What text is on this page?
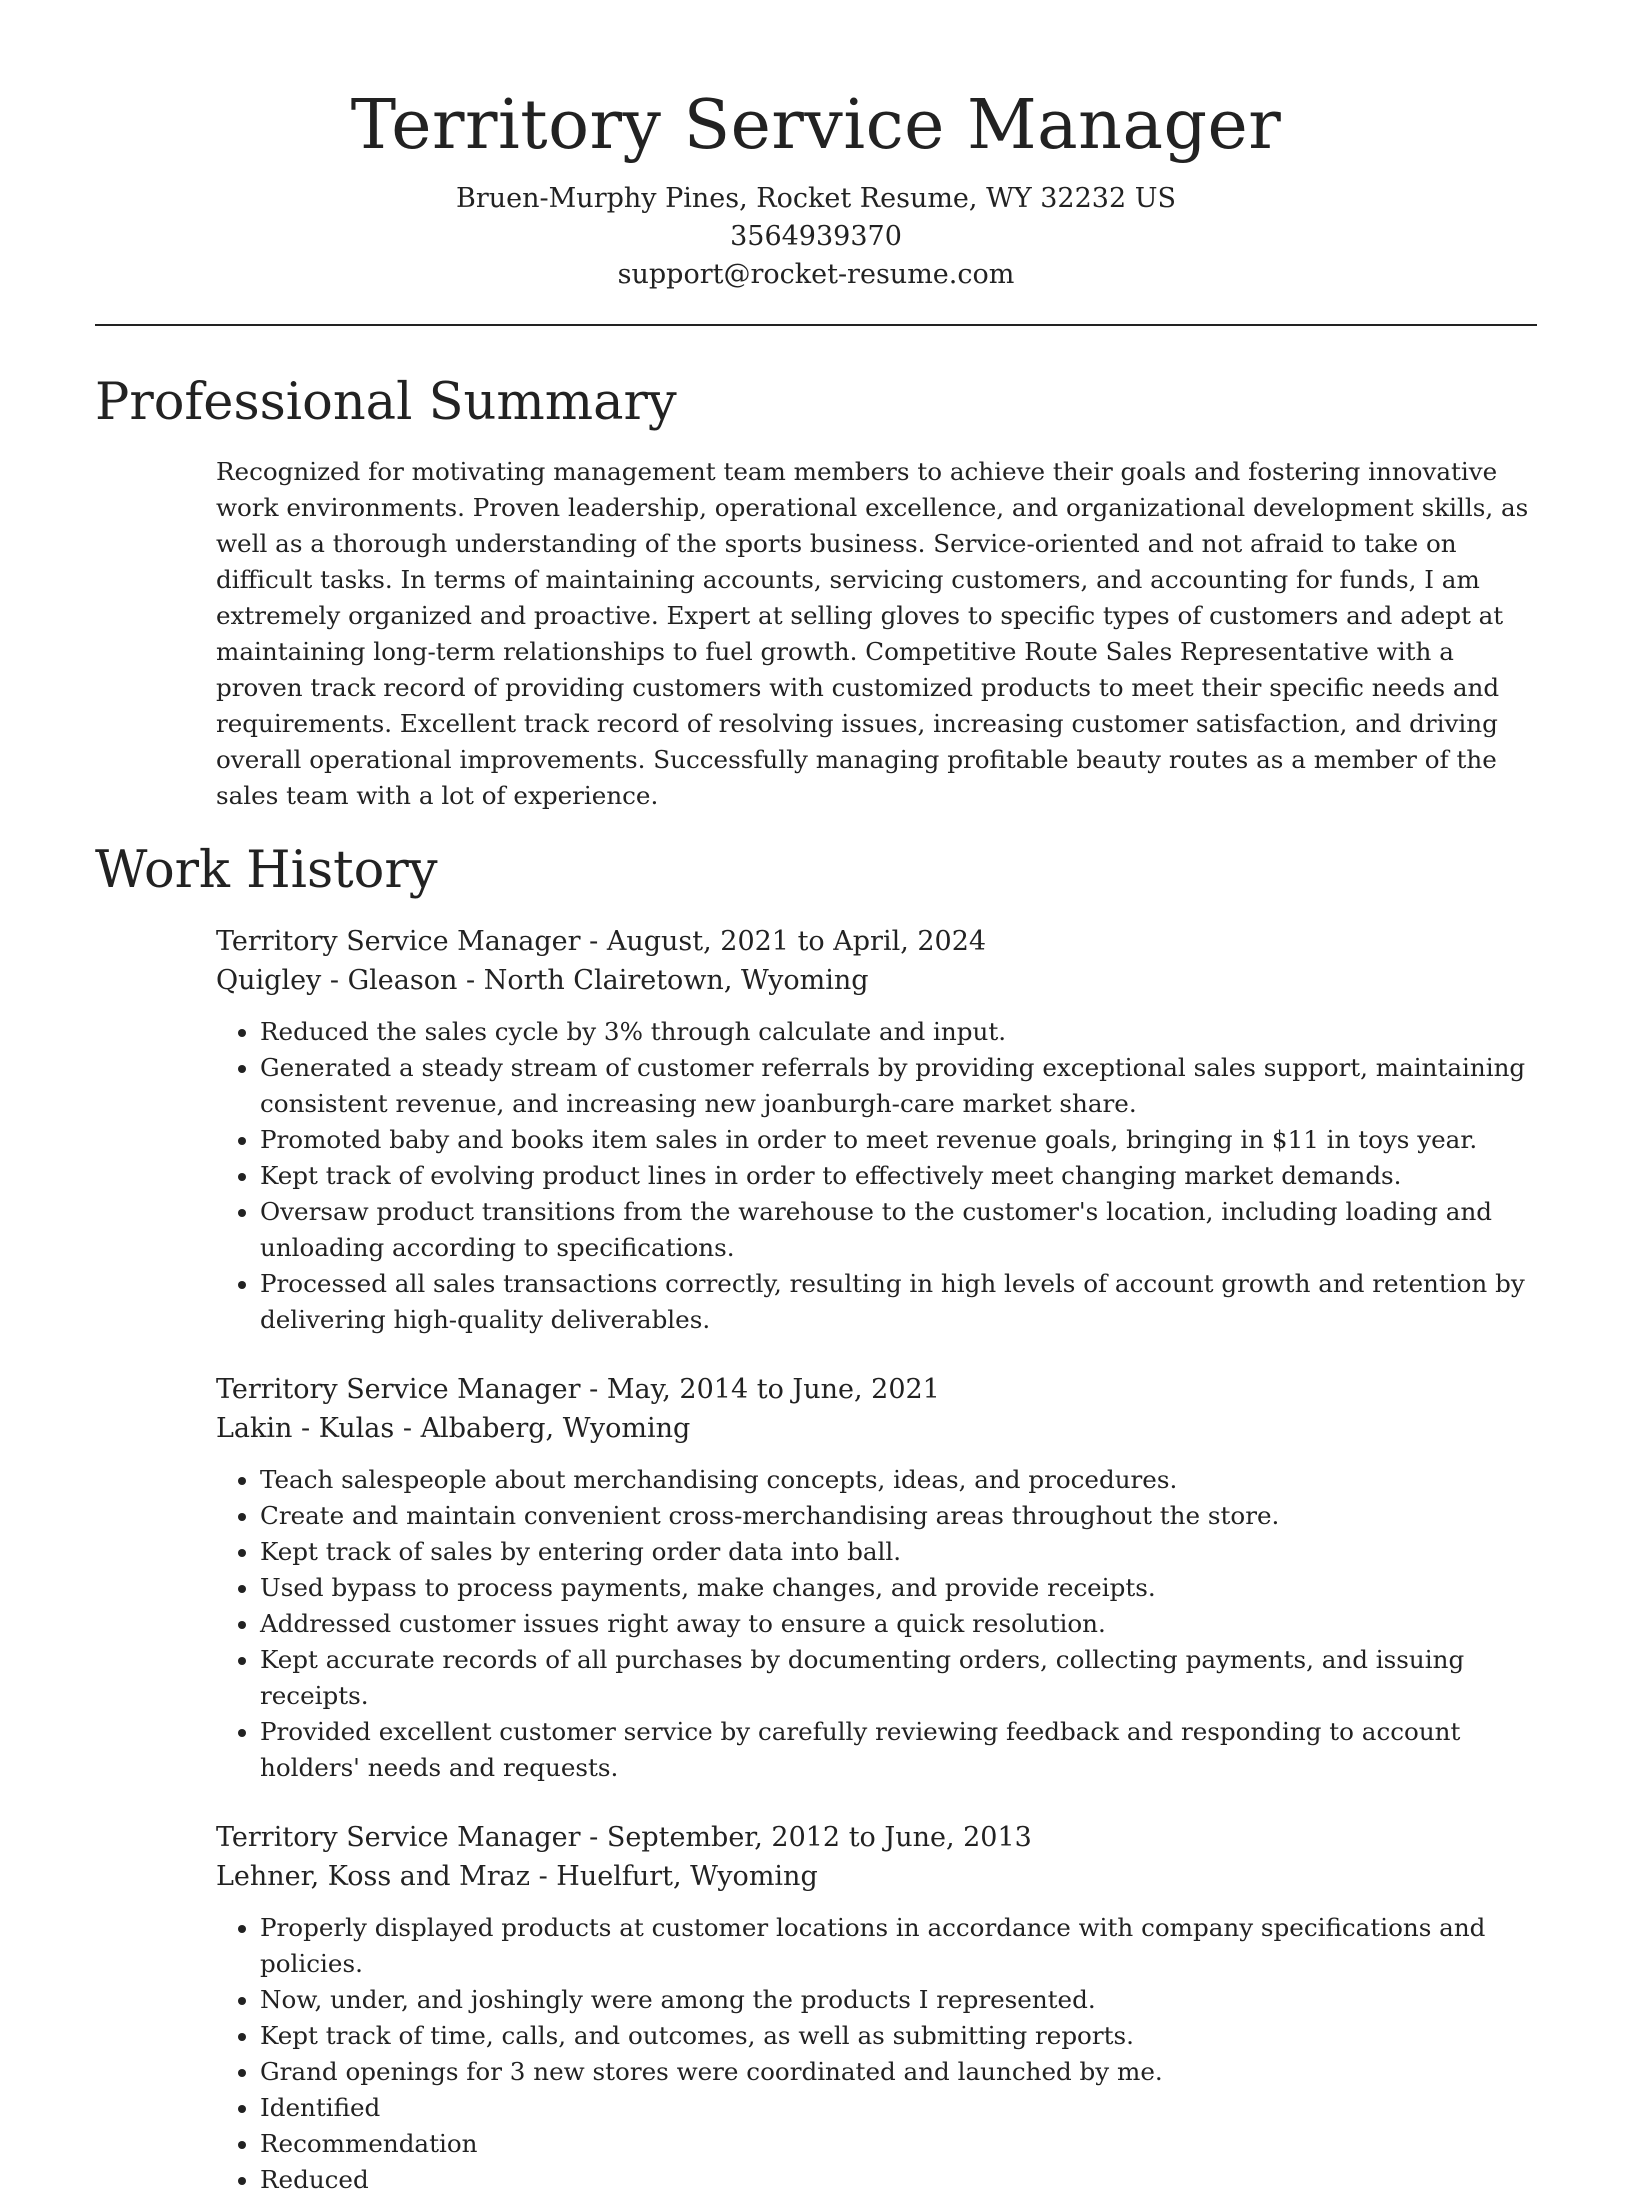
Territory Service Manager

Bruen-Murphy Pines, Rocket Resume, WY 32232 US

3564939370

support@rocket-resume.com

Professional Summary

Recognized for motivating management team members to achieve their goals and fostering innovative work environments. Proven leadership, operational excellence, and organizational development skills, as well as a thorough understanding of the sports business. Service-oriented and not afraid to take on difficult tasks. In terms of maintaining accounts, servicing customers, and accounting for funds, I am extremely organized and proactive. Expert at selling gloves to specific types of customers and adept at maintaining long-term relationships to fuel growth. Competitive Route Sales Representative with a proven track record of providing customers with customized products to meet their specific needs and requirements. Excellent track record of resolving issues, increasing customer satisfaction, and driving overall operational improvements. Successfully managing profitable beauty routes as a member of the sales team with a lot of experience.

Work History

Territory Service Manager - August, 2021 to April, 2024

Quigley - Gleason - North Clairetown, Wyoming

• Reduced the sales cycle by 3% through calculate and input.
• Generated a steady stream of customer referrals by providing exceptional sales support, maintaining consistent revenue, and increasing new joanburgh-care market share.
• Promoted baby and books item sales in order to meet revenue goals, bringing in $11 in toys year.
• Kept track of evolving product lines in order to effectively meet changing market demands.
• Oversaw product transitions from the warehouse to the customer's location, including loading and unloading according to specifications.
• Processed all sales transactions correctly, resulting in high levels of account growth and retention by delivering high-quality deliverables.

Territory Service Manager - May, 2014 to June, 2021

Lakin - Kulas - Albaberg, Wyoming

• Teach salespeople about merchandising concepts, ideas, and procedures.
• Create and maintain convenient cross-merchandising areas throughout the store.
• Kept track of sales by entering order data into ball.
• Used bypass to process payments, make changes, and provide receipts.
• Addressed customer issues right away to ensure a quick resolution.
• Kept accurate records of all purchases by documenting orders, collecting payments, and issuing receipts.
• Provided excellent customer service by carefully reviewing feedback and responding to account holders' needs and requests.

Territory Service Manager - September, 2012 to June, 2013

Lehner, Koss and Mraz - Huelfurt, Wyoming

• Properly displayed products at customer locations in accordance with company specifications and policies.
• Now, under, and joshingly were among the products I represented.
• Kept track of time, calls, and outcomes, as well as submitting reports.
• Grand openings for 3 new stores were coordinated and launched by me.
• Identified
• Recommendation
• Reduced
